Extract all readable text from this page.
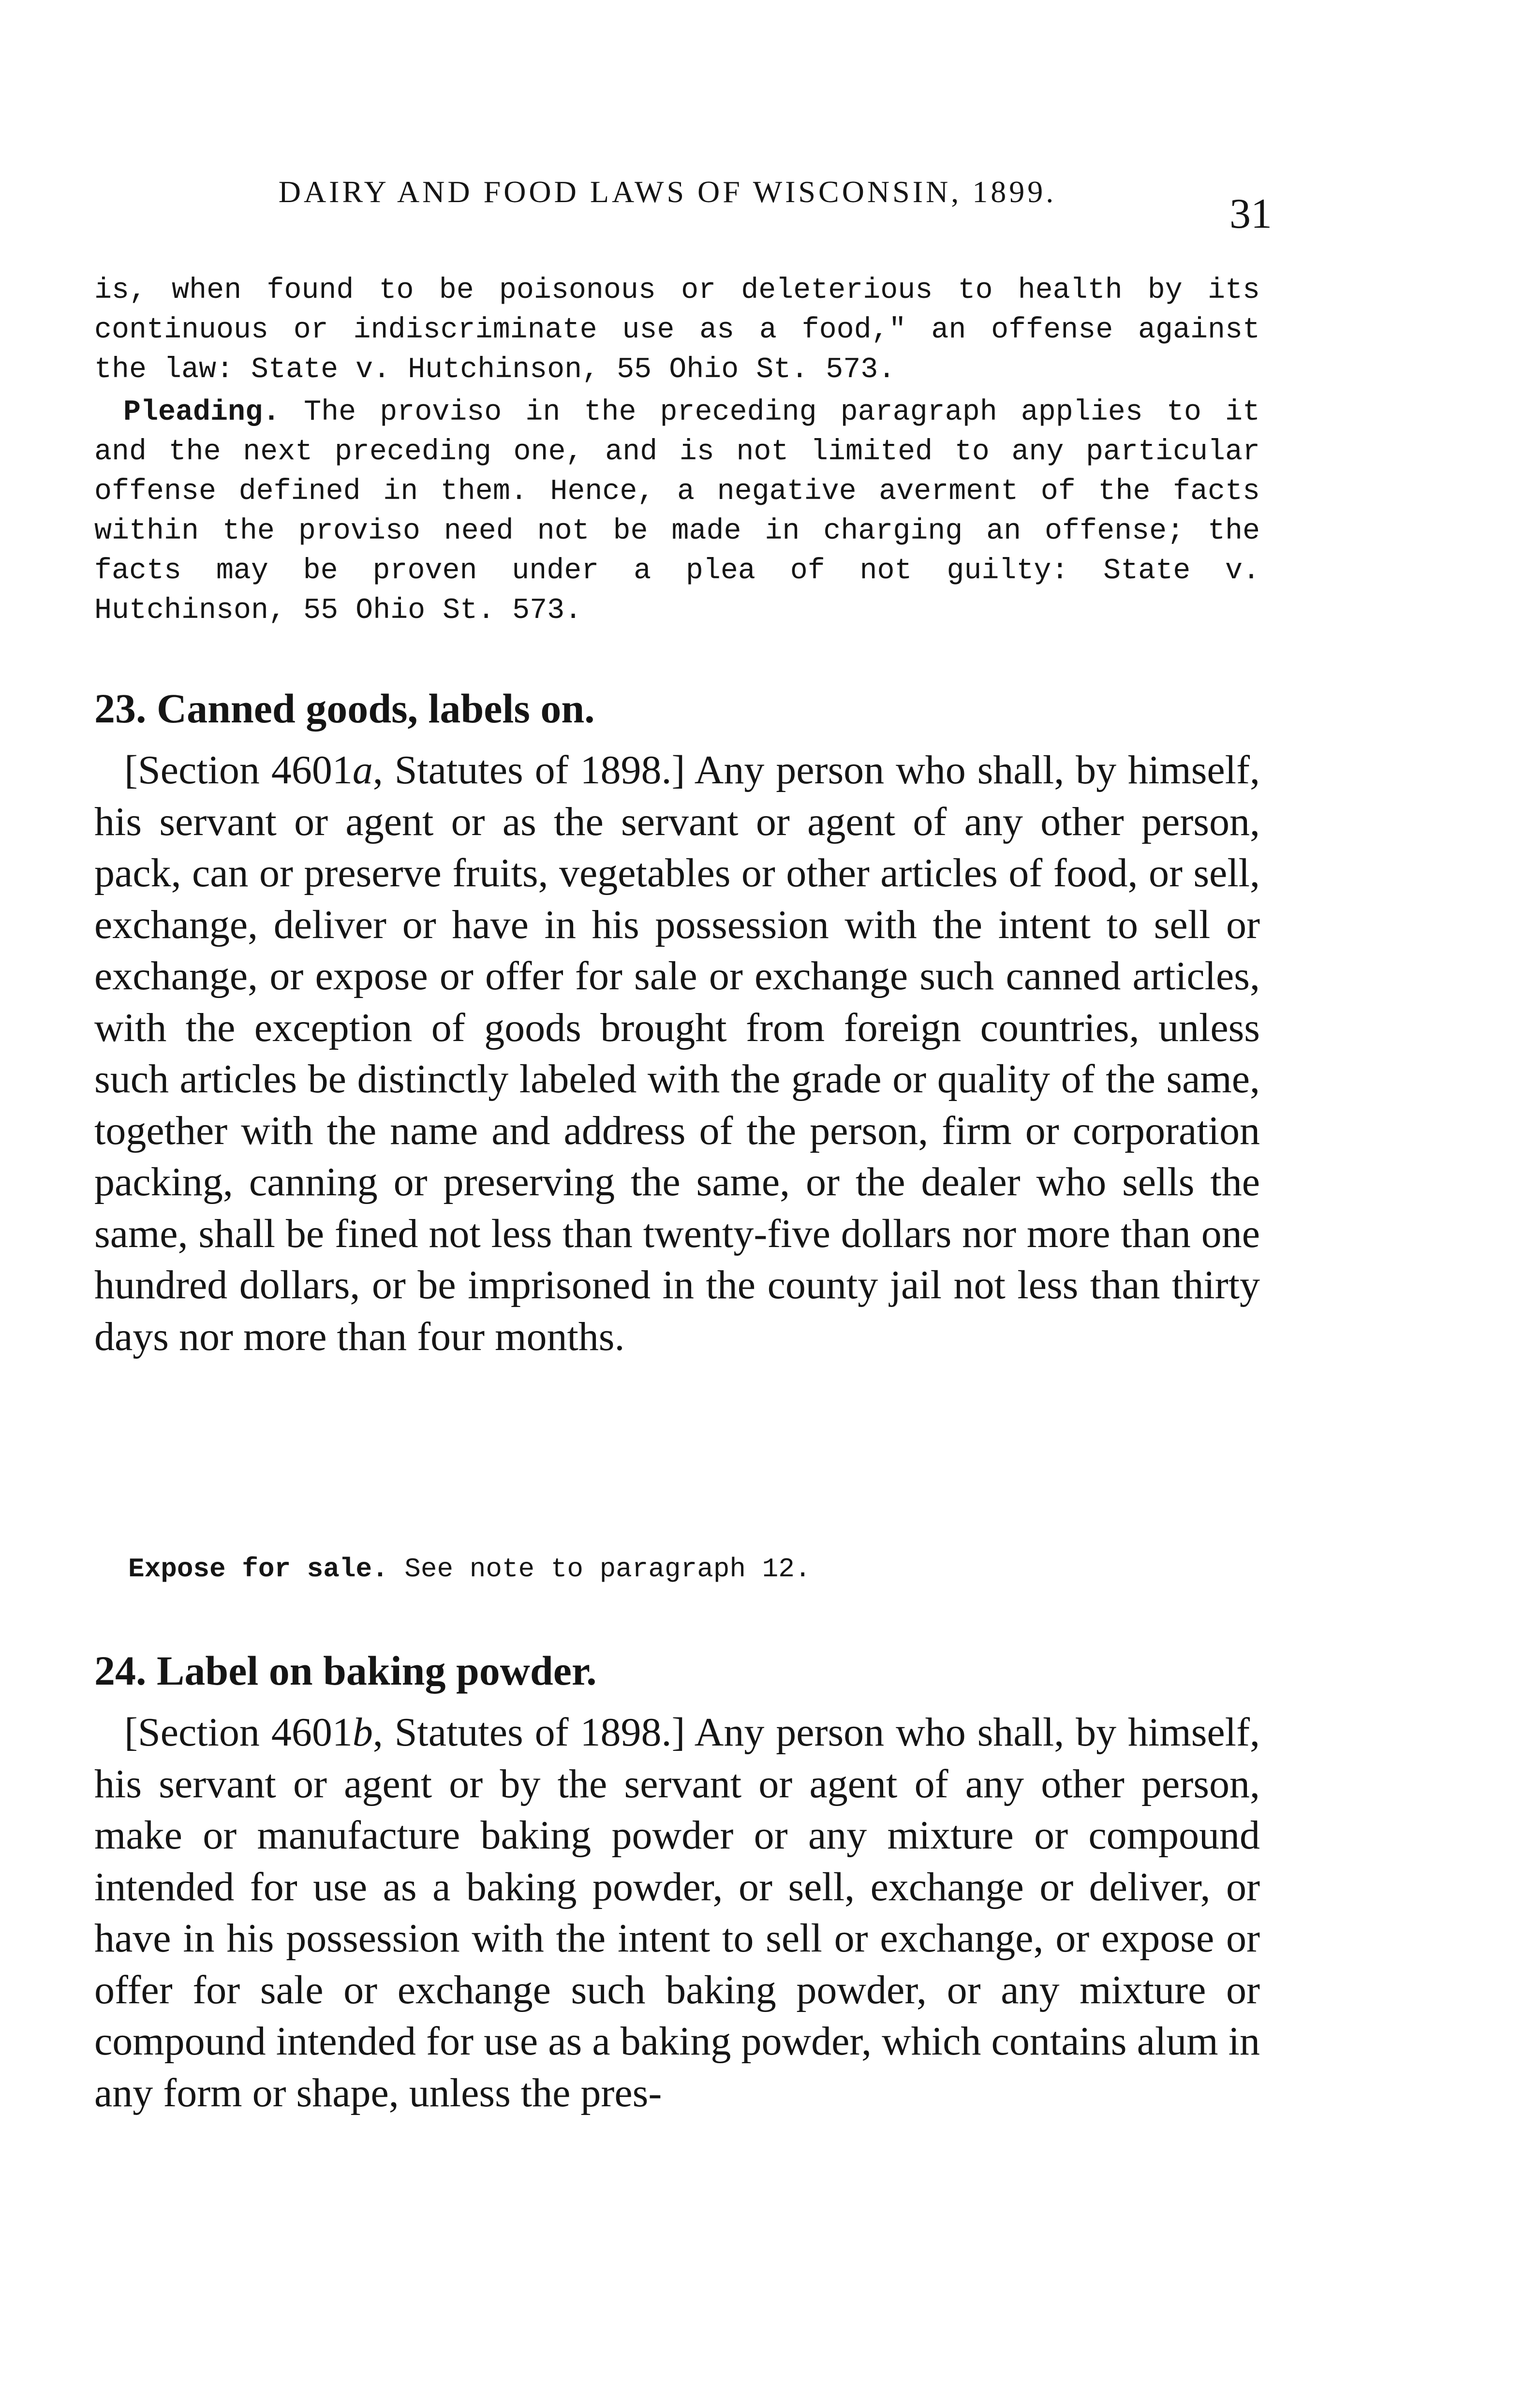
DAIRY AND FOOD LAWS OF WISCONSIN, 1899.	31

is, when found to be poisonous or deleterious to health by its continuous or indiscriminate use as a food," an offense against the law: State v. Hutchinson, 55 Ohio St. 573.

Pleading. The proviso in the preceding paragraph applies to it and the next preceding one, and is not limited to any particular offense defined in them. Hence, a negative averment of the facts within the proviso need not be made in charging an offense; the facts may be proven under a plea of not guilty: State v. Hutchinson, 55 Ohio St. 573.

23. Canned goods, labels on.

[Section 4601a, Statutes of 1898.] Any person who shall, by himself, his servant or agent or as the servant or agent of any other person, pack, can or preserve fruits, vegetables or other articles of food, or sell, exchange, deliver or have in his possession with the intent to sell or exchange, or expose or offer for sale or exchange such canned articles, with the exception of goods brought from foreign countries, unless such articles be distinctly labeled with the grade or quality of the same, together with the name and address of the person, firm or corporation packing, canning or preserving the same, or the dealer who sells the same, shall be fined not less than twenty-five dollars nor more than one hundred dollars, or be imprisoned in the county jail not less than thirty days nor more than four months.

Expose for sale. See note to paragraph 12.
24. Label on baking powder.

[Section 4601b, Statutes of 1898.] Any person who shall, by himself, his servant or agent or by the servant or agent of any other person, make or manufacture baking powder or any mixture or compound intended for use as a baking powder, or sell, exchange or deliver, or have in his possession with the intent to sell or exchange, or expose or offer for sale or exchange such baking powder, or any mixture or compound intended for use as a baking powder, which contains alum in any form or shape, unless the pres-
